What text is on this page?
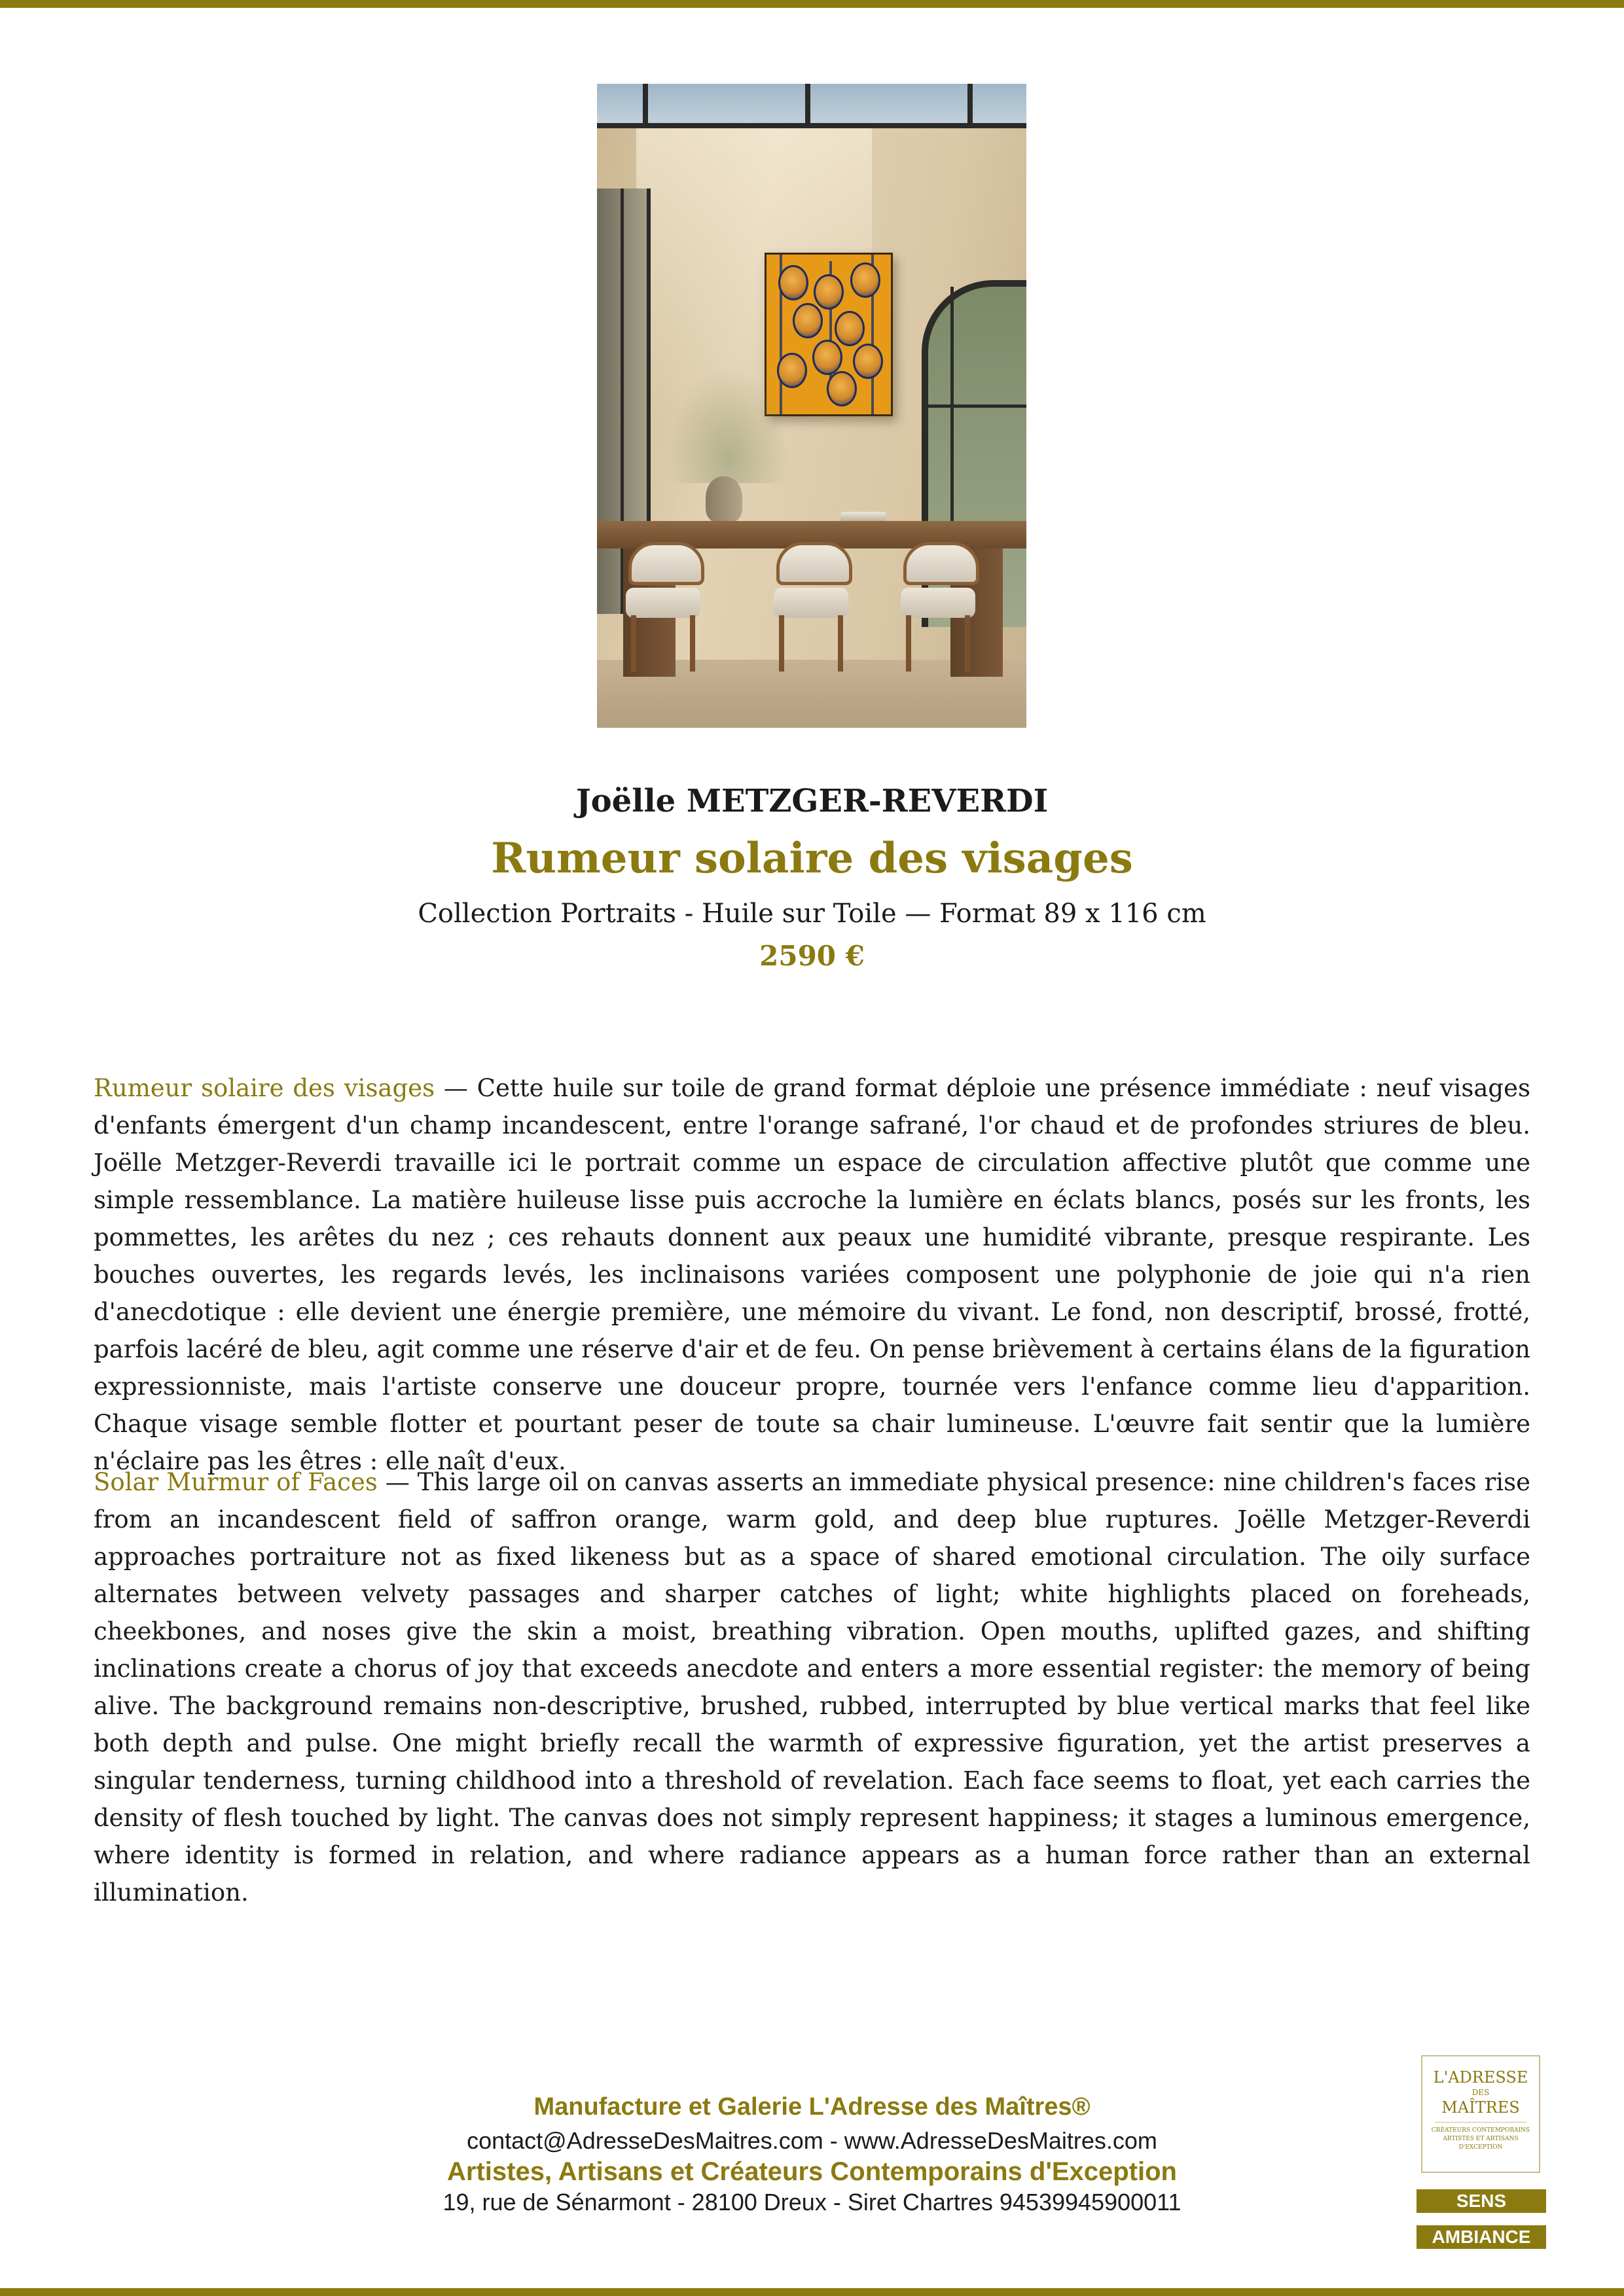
Joëlle METZGER-REVERDI
Rumeur solaire des visages
Collection Portraits - Huile sur Toile — Format 89 x 116 cm
2590 €

Rumeur solaire des visages — Cette huile sur toile de grand format déploie une présence immédiate : neuf visages d'enfants émergent d'un champ incandescent, entre l'orange safrané, l'or chaud et de profondes striures de bleu. Joëlle Metzger-Reverdi travaille ici le portrait comme un espace de circulation affective plutôt que comme une simple ressemblance. La matière huileuse lisse puis accroche la lumière en éclats blancs, posés sur les fronts, les pommettes, les arêtes du nez ; ces rehauts donnent aux peaux une humidité vibrante, presque respirante. Les bouches ouvertes, les regards levés, les inclinaisons variées composent une polyphonie de joie qui n'a rien d'anecdotique : elle devient une énergie première, une mémoire du vivant. Le fond, non descriptif, brossé, frotté, parfois lacéré de bleu, agit comme une réserve d'air et de feu. On pense brièvement à certains élans de la figuration expressionniste, mais l'artiste conserve une douceur propre, tournée vers l'enfance comme lieu d'apparition. Chaque visage semble flotter et pourtant peser de toute sa chair lumineuse. L'œuvre fait sentir que la lumière n'éclaire pas les êtres : elle naît d'eux.

Solar Murmur of Faces — This large oil on canvas asserts an immediate physical presence: nine children's faces rise from an incandescent field of saffron orange, warm gold, and deep blue ruptures. Joëlle Metzger-Reverdi approaches portraiture not as fixed likeness but as a space of shared emotional circulation. The oily surface alternates between velvety passages and sharper catches of light; white highlights placed on foreheads, cheekbones, and noses give the skin a moist, breathing vibration. Open mouths, uplifted gazes, and shifting inclinations create a chorus of joy that exceeds anecdote and enters a more essential register: the memory of being alive. The background remains non-descriptive, brushed, rubbed, interrupted by blue vertical marks that feel like both depth and pulse. One might briefly recall the warmth of expressive figuration, yet the artist preserves a singular tenderness, turning childhood into a threshold of revelation. Each face seems to float, yet each carries the density of flesh touched by light. The canvas does not simply represent happiness; it stages a luminous emergence, where identity is formed in relation, and where radiance appears as a human force rather than an external illumination.

Manufacture et Galerie L'Adresse des Maîtres®
contact@AdresseDesMaitres.com - www.AdresseDesMaitres.com
Artistes, Artisans et Créateurs Contemporains d'Exception
19, rue de Sénarmont - 28100 Dreux - Siret Chartres 94539945900011
L'ADRESSE
DES
MAÎTRES
CRÉATEURS CONTEMPORAINS ARTISTES ET ARTISANS D'EXCEPTION
SENS
AMBIANCE
